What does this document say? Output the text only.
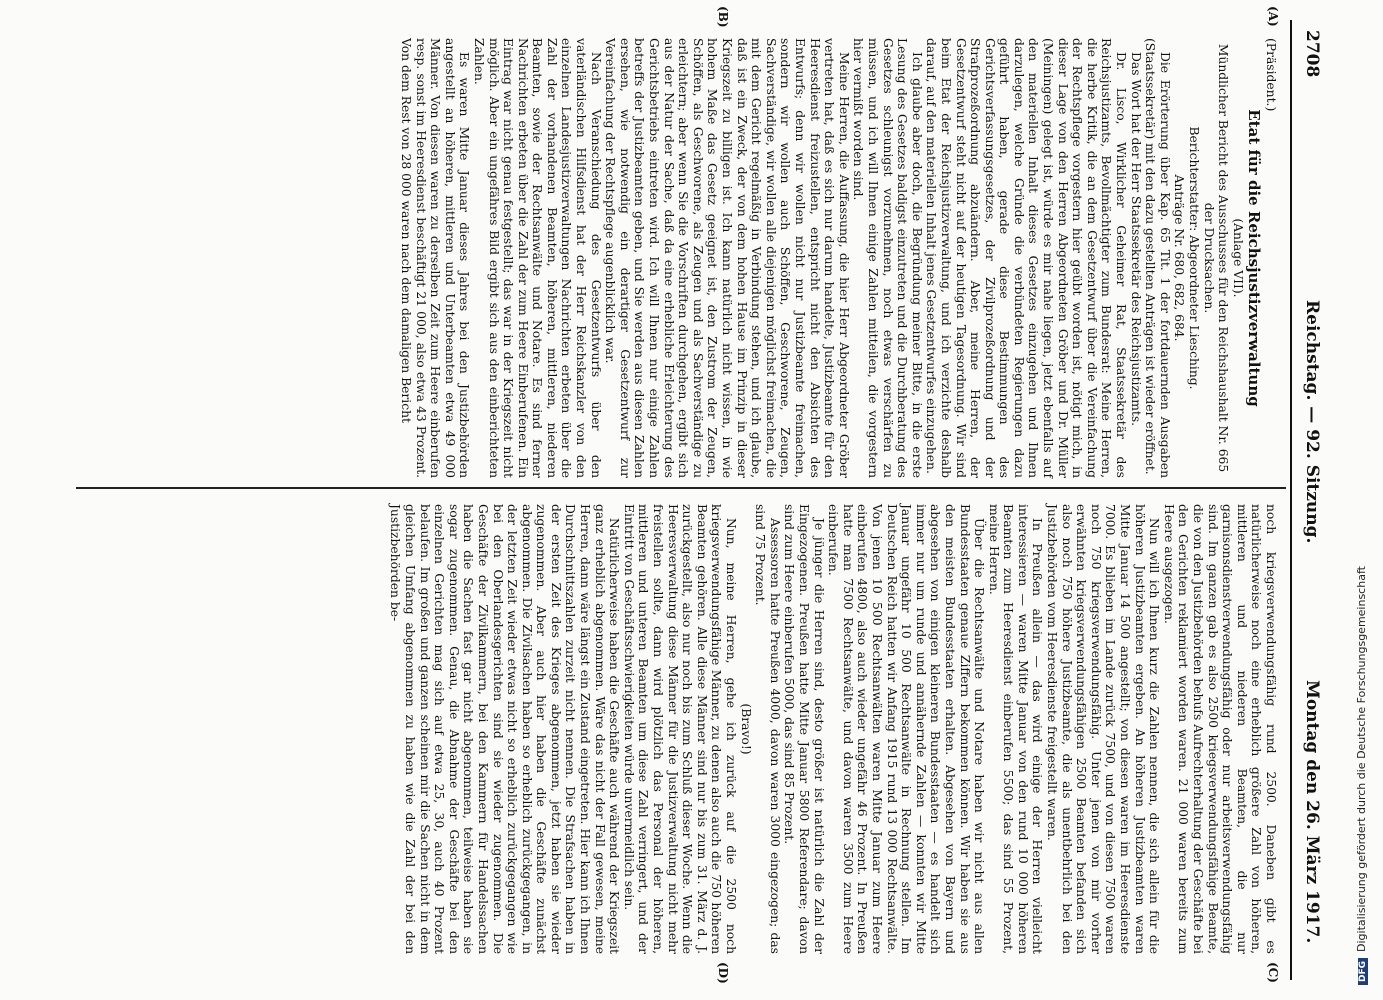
2708
Reichstag. — 92. Sitzung.
Montag den 26. März 1917.
(A)
(B)
(C)
(D)

(Präsident.)

Etat für die Reichsjustizverwaltung

(Anlage VII).

Mündlicher Bericht des Ausschusses für den Reichshaushalt Nr. 665 der Drucksachen.

Berichterstatter: Abgeordneter Liesching.

Anträge Nr. 680, 682, 684.

Die Erörterung über Kap. 65 Tit. 1 der fortdauernden Ausgaben (Staatssekretär) mit den dazu gestellten Anträgen ist wieder eröffnet.

Das Wort hat der Herr Staatssekretär des Reichsjustizamts.

Dr. Lisco, Wirklicher Geheimer Rat, Staatssekretär des Reichsjustizamts, Bevollmächtigter zum Bundesrat: Meine Herren, die herbe Kritik, die an dem Gesetzentwurf über die Vereinfachung der Rechtspflege vorgestern hier geübt worden ist, nötigt mich, in dieser Lage von den Herren Abgeordneten Gröber und Dr. Müller (Meiningen) gelegt ist, würde es mir nahe liegen, jetzt ebenfalls auf den materiellen Inhalt dieses Gesetzes einzugehen und Ihnen darzulegen, welche Gründe die verbündeten Regierungen dazu geführt haben, gerade diese Bestimmungen des Gerichtsverfassungsgesetzes, der Zivilprozeßordnung und der Strafprozeßordnung abzuändern. Aber, meine Herren, der Gesetzentwurf steht nicht auf der heutigen Tagesordnung. Wir sind beim Etat der Reichsjustizverwaltung, und ich verzichte deshalb darauf, auf den materiellen Inhalt jenes Gesetzentwurfes einzugehen.

Ich glaube aber doch, die Begründung meiner Bitte, in die erste Lesung des Gesetzes baldigst einzutreten und die Durchberatung des Gesetzes schleunigst vorzunehmen, noch etwas verschärfen zu müssen, und ich will Ihnen einige Zahlen mitteilen, die vorgestern hier vermißt worden sind.

Meine Herren, die Auffassung, die hier Herr Abgeordneter Gröber vertreten hat, daß es sich nur darum handelte, Justizbeamte für den Heeresdienst freizustellen, entspricht nicht den Absichten des Entwurfs; denn wir wollen nicht nur Justizbeamte freimachen, sondern wir wollen auch Schöffen, Geschworene, Zeugen, Sachverständige, wir wollen alle diejenigen möglichst freimachen, die mit dem Gericht regelmäßig in Verbindung stehen, und ich glaube, daß ist ein Zweck, der von dem hohen Hause im Prinzip in dieser Kriegszeit zu billigen ist. Ich kann natürlich nicht wissen, in wie hohem Maße das Gesetz geeignet ist, den Zustrom der Zeugen, Schöffen, als Geschworene, als Zeugen und als Sachverständige zu erleichtern; aber wenn Sie die Vorschriften durchgehen, ergibt sich aus der Natur der Sache, daß da eine erhebliche Erleichterung des Gerichtsbetriebs eintreten wird. Ich will Ihnen nur einige Zahlen betreffs der Justizbeamten geben, und Sie werden aus diesen Zahlen ersehen, wie notwendig ein derartiger Gesetzentwurf zur Vereinfachung der Rechtspflege augenblicklich war.

Nach Veranschiedung des Gesetzentwurfs über den vaterländischen Hilfsdienst hat der Herr Reichskanzler von den einzelnen Landesjustizverwaltungen Nachrichten erbeten über die Zahl der vorhandenen Beamten, höheren, mittleren, niederen Beamten, sowie der Rechtsanwälte und Notare. Es sind ferner Nachrichten erbeten über die Zahl der zum Heere Einberufenen. Ein Eintrag war nicht genau festgestellt; das war in der Kriegszeit nicht möglich. Aber ein ungefähres Bild ergibt sich aus den einberichteten Zahlen.

Es waren Mitte Januar dieses Jahres bei den Justizbehörden angestellt an höheren, mittleren und Unterbeamten etwa 49 000 Männer. Von diesen waren zu derselben Zeit zum Heere einberufen resp. sonst im Heeresdienst beschäftigt 21 000, also etwa 43 Prozent. Von dem Rest von 28 000 waren nach dem damaligen Bericht

noch kriegsverwendungsfähig rund 2500. Daneben gibt es natürlicherweise noch eine erheblich größere Zahl von höheren, mittleren und niederen Beamten, die nur garnisonsdienstverwendungsfähig oder nur arbeitsverwendungsfähig sind. Im ganzen gab es also 2500 kriegsverwendungsfähige Beamte, die von den Justizbehörden behufs Aufrechterhaltung der Geschäfte bei den Gerichten reklamiert worden waren. 21 000 waren bereits zum Heere ausgezogen.

Nun will ich Ihnen kurz die Zahlen nennen, die sich allein für die höheren Justizbeamten ergeben. An höheren Justizbeamten waren Mitte Januar 14 500 angestellt; von diesen waren im Heeresdienste 7000. Es blieben im Lande zurück 7500, und von diesen 7500 waren noch 750 kriegsverwendungsfähig. Unter jenen von mir vorher erwähnten kriegsverwendungsfähigen 2500 Beamten befanden sich also noch 750 höhere Justizbeamte, die als unentbehrlich bei den Justizbehörden vom Heeresdienste freigestellt waren.

In Preußen allein — das wird einige der Herren vielleicht interessieren — waren Mitte Januar von den rund 10 000 höheren Beamten zum Heeresdienst einberufen 5500; das sind 55 Prozent, meine Herren.

Über die Rechtsanwälte und Notare haben wir nicht aus allen Bundesstaaten genaue Ziffern bekommen können. Wir haben sie aus den meisten Bundesstaaten erhalten. Abgesehen von Bayern und abgesehen von einigen kleineren Bundesstaaten — es handelt sich immer nur um runde und annähernde Zahlen — konnten wir Mitte Januar ungefähr 10 500 Rechtsanwälte in Rechnung stellen. Im Deutschen Reich hatten wir Anfang 1915 rund 13 000 Rechtsanwälte. Von jenen 10 500 Rechtsanwälten waren Mitte Januar zum Heere einberufen 4800, also auch wieder ungefähr 46 Prozent. In Preußen hatte man 7500 Rechtsanwälte, und davon waren 3500 zum Heere einberufen.

Je jünger die Herren sind, desto größer ist natürlich die Zahl der Eingezogenen. Preußen hatte Mitte Januar 5800 Referendare; davon sind zum Heere einberufen 5000, das sind 85 Prozent.

Assessoren hatte Preußen 4000, davon waren 3000 eingezogen; das sind 75 Prozent.

(Bravo!)

Nun, meine Herren, gehe ich zurück auf die 2500 noch kriegsverwendungsfähige Männer, zu denen also auch die 750 höheren Beamten gehören. Alle diese Männer sind nur bis zum 31. März d. J. zurückgestellt, also nur noch bis zum Schluß dieser Woche. Wenn die Heeresverwaltung diese Männer für die Justizverwaltung nicht mehr freistellen sollte, dann wird plötzlich das Personal der höheren, mittleren und unteren Beamten um diese Zahl verringert, und der Eintritt von Geschäftsschwierigkeiten würde unvermeidlich sein.

Natürlicherweise haben die Geschäfte auch während der Kriegszeit ganz erheblich abgenommen. Wäre das nicht der Fall gewesen, meine Herren, dann wäre längst ein Zustand eingetreten. Hier kann ich Ihnen Durchschnittszahlen zurzeit nicht nennen. Die Strafsachen haben in der ersten Zeit des Krieges abgenommen, jetzt haben sie wieder zugenommen. Aber auch hier haben die Geschäfte zunächst abgenommen. Die Zivilsachen haben so erheblich zurückgegangen, in der letzten Zeit wieder etwas nicht so erheblich zurückgegangen wie bei den Oberlandesgerichten sind sie wieder zugenommen. Die Geschäfte der Zivilkammern, bei den Kammern für Handelssachen haben die Sachen fast gar nicht abgenommen, teilweise haben sie sogar zugenommen. Genau, die Abnahme der Geschäfte bei den einzelnen Gerichten mag sich auf etwa 25, 30, auch 40 Prozent belaufen. Im großen und ganzen scheinen mir die Sachen nicht in dem gleichen Umfang abgenommen zu haben wie die Zahl der bei den Justizbehörden be-

DFGDigitalisierung gefördert durch die Deutsche Forschungsgemeinschaft
